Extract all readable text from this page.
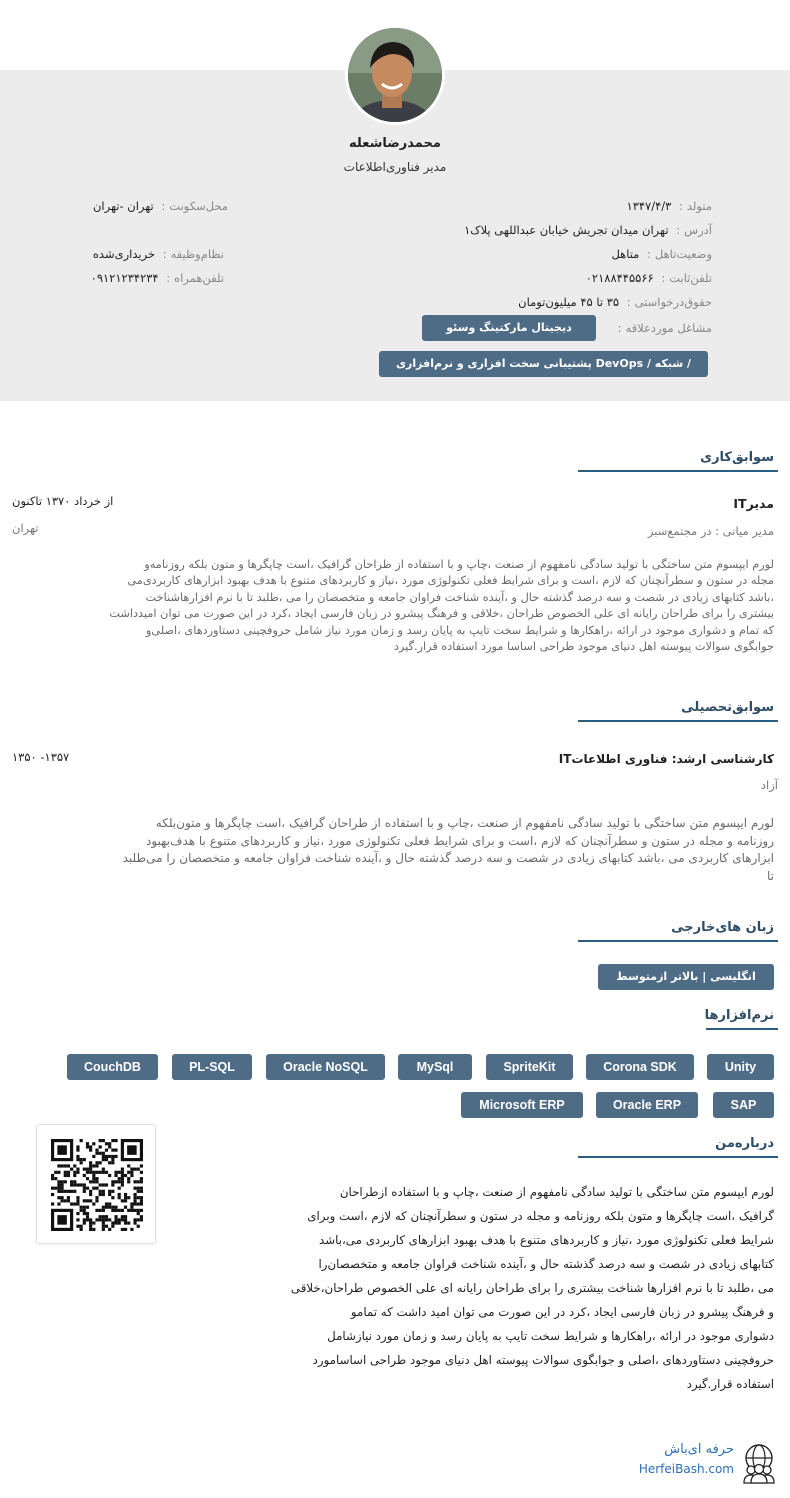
محمدرضاشعله
مدیر فناوری‌اطلاعات
متولد: ۱۳۴۷/۴/۳
آدرس: تهران میدان تجریش خیابان عبداللهی پلاک۱
وضعیت‌تاهل: متاهل
تلفن‌ثابت: ۰۲۱۸۸۴۴۵۵۶۶
حقوق‌درخواستی: ۳۵ تا ۴۵ میلیون‌تومان
مشاغل موردعلاقه:
محل‌سکونت: تهران -تهران
نظام‌وظیفه: خریداری‌شده
تلفن‌همراه: ۰۹۱۲۱۲۳۴۲۳۴
دیجیتال مارکتینگ وسئو
/ شبکه / DevOps پشتیبانی سخت افزاری و نرم‌افزاری
سوابق‌کاری
مدیرIT
از خرداد ۱۳۷۰ تاکنون
مدیر میانی : در مجتمع‌سبز
تهران
لورم ایپسوم متن ساختگی با تولید سادگی نامفهوم از صنعت ،چاپ و با استفاده از طراحان گرافیک ،است چاپگرها و متون بلکه روزنامه‌و
مجله در ستون و سطرآنچنان که لازم ،است و برای شرایط فعلی تکنولوژی مورد ،نیاز و کاربردهای متنوع با هدف بهبود ابزارهای کاربردی‌می
،باشد کتابهای زیادی در شصت و سه درصد گذشته حال و ،آینده شناخت فراوان جامعه و متخصصان را می ،طلبد تا با نرم افزارهاشناخت
بیشتری را برای طراحان رایانه ای علی الخصوص طراحان ،خلاقی و فرهنگ پیشرو در زبان فارسی ایجاد ،کرد در این صورت می توان امیدداشت
که تمام و دشواری موجود در ارائه ،راهکارها و شرایط سخت تایپ به پایان رسد و زمان مورد نیاز شامل حروفچینی دستاوردهای ،اصلی‌و
جوابگوی سوالات پیوسته اهل دنیای موجود طراحی اساسا مورد استفاده قرار.گیرد
سوابق‌تحصیلی
کارشناسی ارشد: فناوری اطلاعاتIT
۱۳۵۷- ۱۳۵۰
آزاد
لورم ایپسوم متن ساختگی با تولید سادگی نامفهوم از صنعت ،چاپ و با استفاده از طراحان گرافیک ،است چاپگرها و متون‌بلکه
روزنامه و مجله در ستون و سطرآنچنان که لازم ،است و برای شرایط فعلی تکنولوژی مورد ،نیاز و کاربردهای متنوع با هدف‌بهبود
ابزارهای کاربردی می ،باشد کتابهای زیادی در شصت و سه درصد گذشته حال و ،آینده شناخت فراوان جامعه و متخصصان را می‌طلبد
تا
زبان های‌خارجی
انگلیسی | بالاتر ازمتوسط
نرم‌افزارها
Unity
Corona SDK
SpriteKit
MySql
Oracle NoSQL
PL-SQL
CouchDB
SAP
Oracle ERP
Microsoft ERP
درباره‌من
لورم ایپسوم متن ساختگی با تولید سادگی نامفهوم از صنعت ،چاپ و با استفاده ازطراحان
گرافیک ،است چاپگرها و متون بلکه روزنامه و مجله در ستون و سطرآنچنان که لازم ،است وبرای
شرایط فعلی تکنولوژی مورد ،نیاز و کاربردهای متنوع با هدف بهبود ابزارهای کاربردی می،باشد
کتابهای زیادی در شصت و سه درصد گذشته حال و ،آینده شناخت فراوان جامعه و متخصصان‌را
می ،طلبد تا با نرم افزارها شناخت بیشتری را برای طراحان رایانه ای علی الخصوص طراحان،خلاقی
و فرهنگ پیشرو در زبان فارسی ایجاد ،کرد در این صورت می توان امید داشت که تمامو
دشواری موجود در ارائه ،راهکارها و شرایط سخت تایپ به پایان رسد و زمان مورد نیازشامل
حروفچینی دستاوردهای ،اصلی و جوابگوی سوالات پیوسته اهل دنیای موجود طراحی اساسامورد
استفاده قرار.گیرد
حرفه ای‌باش
HerfeiBash.com
